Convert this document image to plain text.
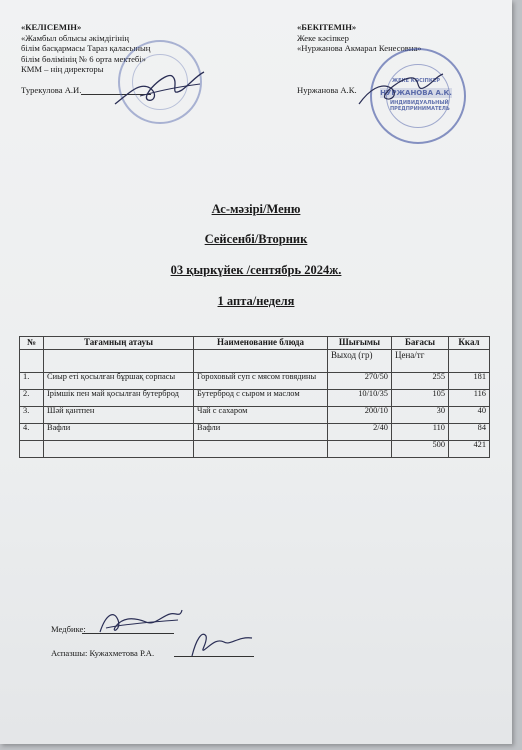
«КЕЛІСЕМІН»
«Жамбыл облысы әкімдігінің
білім басқармасы Тараз қаласының
білім бөлімінің № 6 орта мектебі»
КММ – нің директоры
Турекулова А.И.
«БЕКІТЕМІН»
Жеке кәсіпкер
«Нуржанова Акмарал Кенесовна»
Нуржанова А.К.
ЖЕКЕ КӘСІПКЕР
НУРЖАНОВА А.К.
ИНДИВИДУАЛЬНЫЙ ПРЕДПРИНИМАТЕЛЬ
Ас-мәзірі/Меню
Сейсенбі/Вторник
03 қыркүйек /сентябрь 2024ж.
1 апта/неделя
№	Тағамның атауы	Наименование блюда	Шығымы	Бағасы	Ккал
			Выход (гр)	Цена/тг	
1.	Сиыр еті қосылған бұршақ сорпасы	Гороховый суп с мясом говядины	270/50	255	181
2.	Ірімшік пен май қосылған бутерброд	Бутерброд с сыром и маслом	10/10/35	105	116
3.	Шәй қантпен	Чай с сахаром	200/10	30	40
4.	Вафли	Вафли	2/40	110	84
				500	421
Медбике:
Аспазшы: Кужахметова Р.А.
